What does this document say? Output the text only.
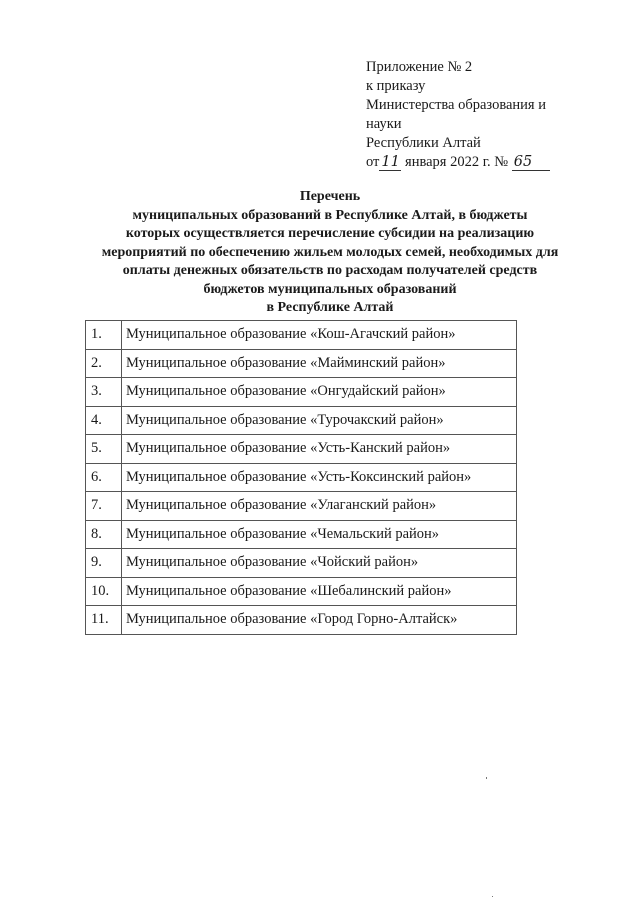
Приложение № 2
к приказу
Министерства образования и
науки
Республики Алтай
от 11 января 2022 г. № 65
Перечень
муниципальных образований в Республике Алтай, в бюджеты
которых осуществляется перечисление субсидии на реализацию
мероприятий по обеспечению жильем молодых семей, необходимых для
оплаты денежных обязательств по расходам получателей средств
бюджетов муниципальных образований
в Республике Алтай
1.	Муниципальное образование «Кош-Агачский район»
2.	Муниципальное образование «Майминский район»
3.	Муниципальное образование «Онгудайский район»
4.	Муниципальное образование «Турочакский район»
5.	Муниципальное образование «Усть-Канский район»
6.	Муниципальное образование «Усть-Коксинский район»
7.	Муниципальное образование «Улаганский район»
8.	Муниципальное образование «Чемальский район»
9.	Муниципальное образование «Чойский район»
10.	Муниципальное образование «Шебалинский район»
11.	Муниципальное образование «Город Горно-Алтайск»
